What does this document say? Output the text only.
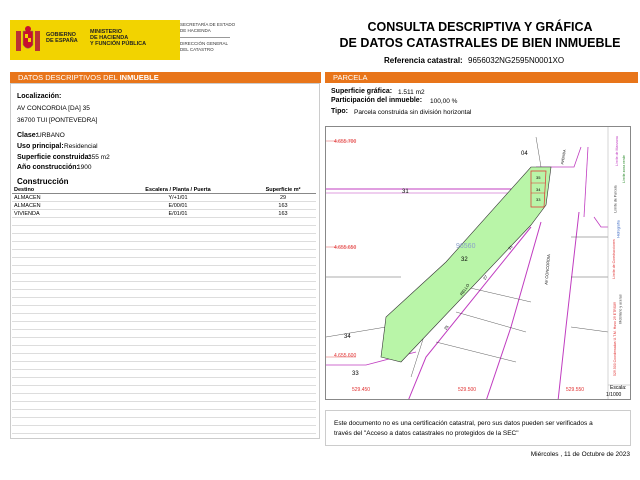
GOBIERNO
DE ESPAÑA
MINISTERIO
DE HACIENDA
Y FUNCIÓN PÚBLICA
SECRETARÍA DE ESTADO
DE HACIENDA
DIRECCIÓN GENERAL
DEL CATASTRO
CONSULTA DESCRIPTIVA Y GRÁFICA
DE DATOS CATASTRALES DE BIEN INMUEBLE
Referencia catastral: 9656032NG2595N0001XO
DATOS DESCRIPTIVOS DEL INMUEBLE
Localización:
AV CONCORDIA [DA] 35
36700 TUI [PONTEVEDRA]
Clase:
URBANO
Uso principal: Residencial
Superficie construida:
355 m2
Año construcción:
1900
Construcción
Destino	Escalera / Planta / Puerta	Superficie m²
ALMACEN	Y/+1/01	29
ALMACEN	E/00/01	163
VIVIENDA	E/01/01	163

PARCELA
Superficie gráfica: 1.511 m2
Participación del inmueble: 100,00 %
Tipo: Parcela construida sin división horizontal
4.655.700
4.655.650
4.655.600
529.450	529.500	529.550
31
32
33
34
04
96560
35
34
33
31
27
25
AV CONCORDIA
RELLO
AVENIDA	Límite de Manzana
Límite de Parcela
Límite de Construcciones
Mobiliario y aceras
Límite zona verde
Hidrografía
529.500 Coordenadas U.T.M. Huso 29 ETRS89
Escala:
1/1000
Este documento no es una certificación catastral, pero sus datos pueden ser verificados a
través del "Acceso a datos catastrales no protegidos de la SEC"
Miércoles , 11 de Octubre de 2023
